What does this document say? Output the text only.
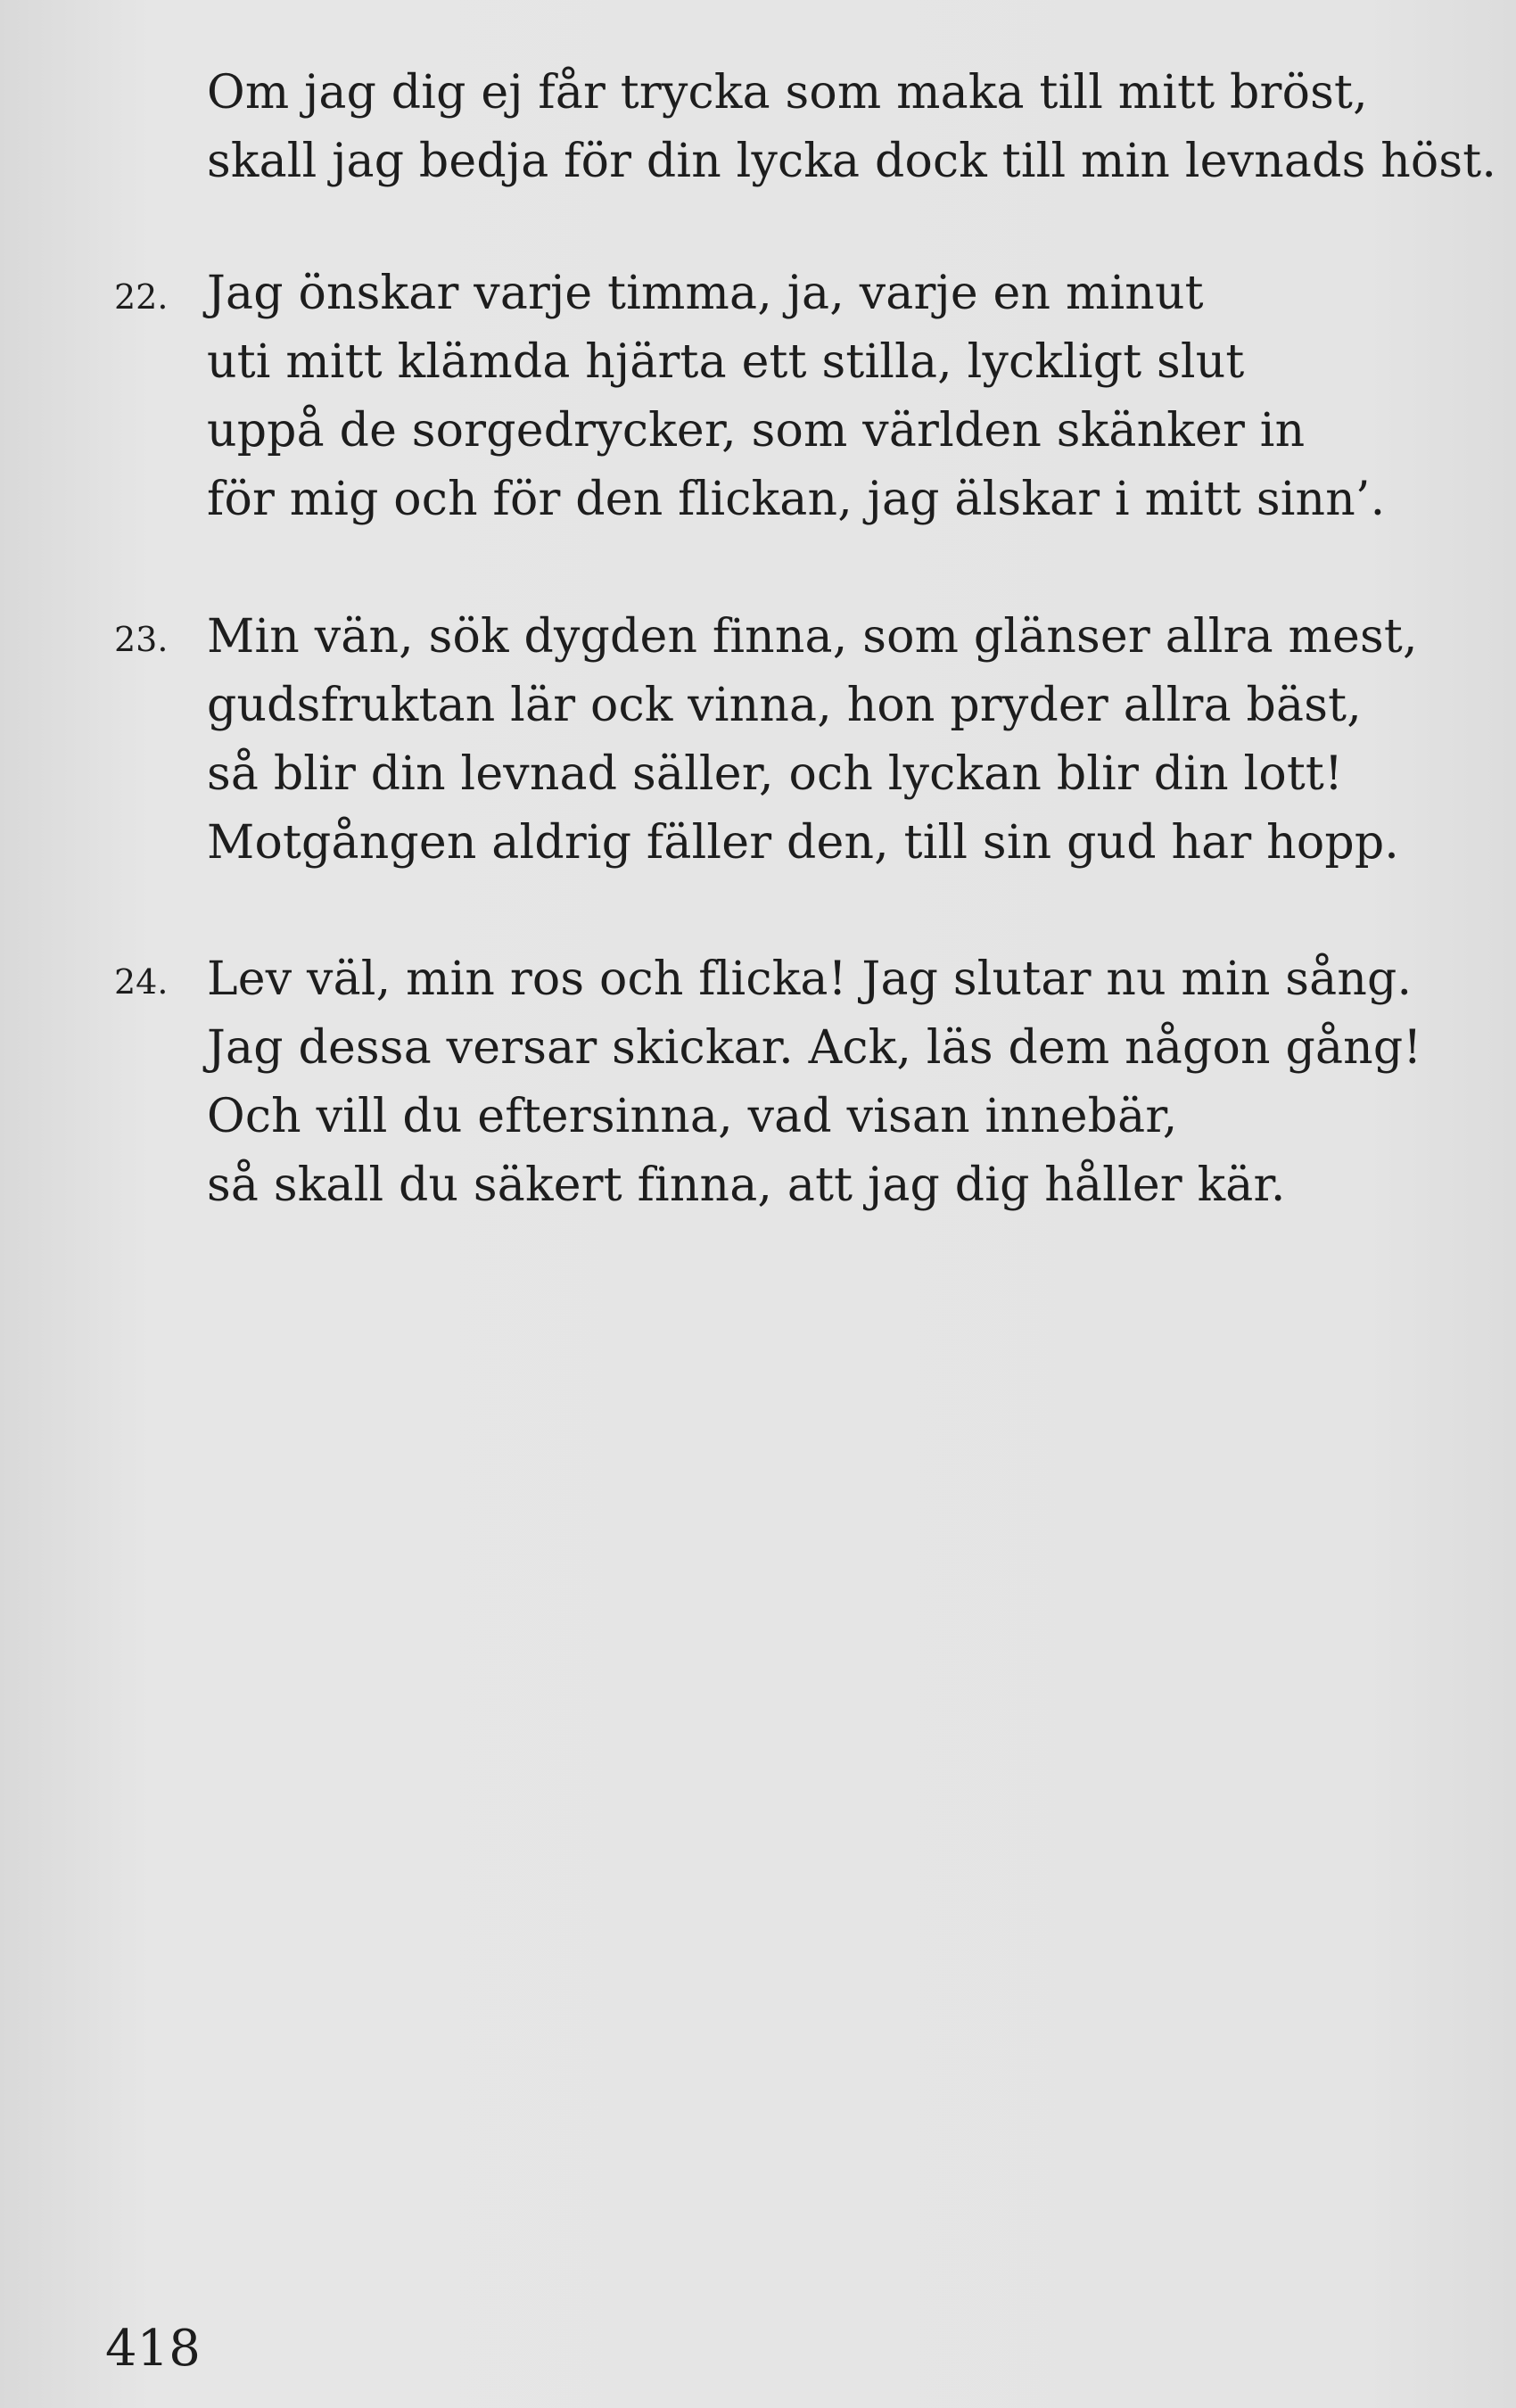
Om jag dig ej får trycka som maka till mitt bröst,
skall jag bedja för din lycka dock till min levnads höst.
22. Jag önskar varje timma, ja, varje en minut
uti mitt klämda hjärta ett stilla, lyckligt slut
uppå de sorgedrycker, som världen skänker in
för mig och för den flickan, jag älskar i mitt sinn’.
23. Min vän, sök dygden finna, som glänser allra mest,
gudsfruktan lär ock vinna, hon pryder allra bäst,
så blir din levnad säller, och lyckan blir din lott!
Motgången aldrig fäller den, till sin gud har hopp.
24. Lev väl, min ros och flicka! Jag slutar nu min sång.
Jag dessa versar skickar. Ack, läs dem någon gång!
Och vill du eftersinna, vad visan innebär,
så skall du säkert finna, att jag dig håller kär.
418
